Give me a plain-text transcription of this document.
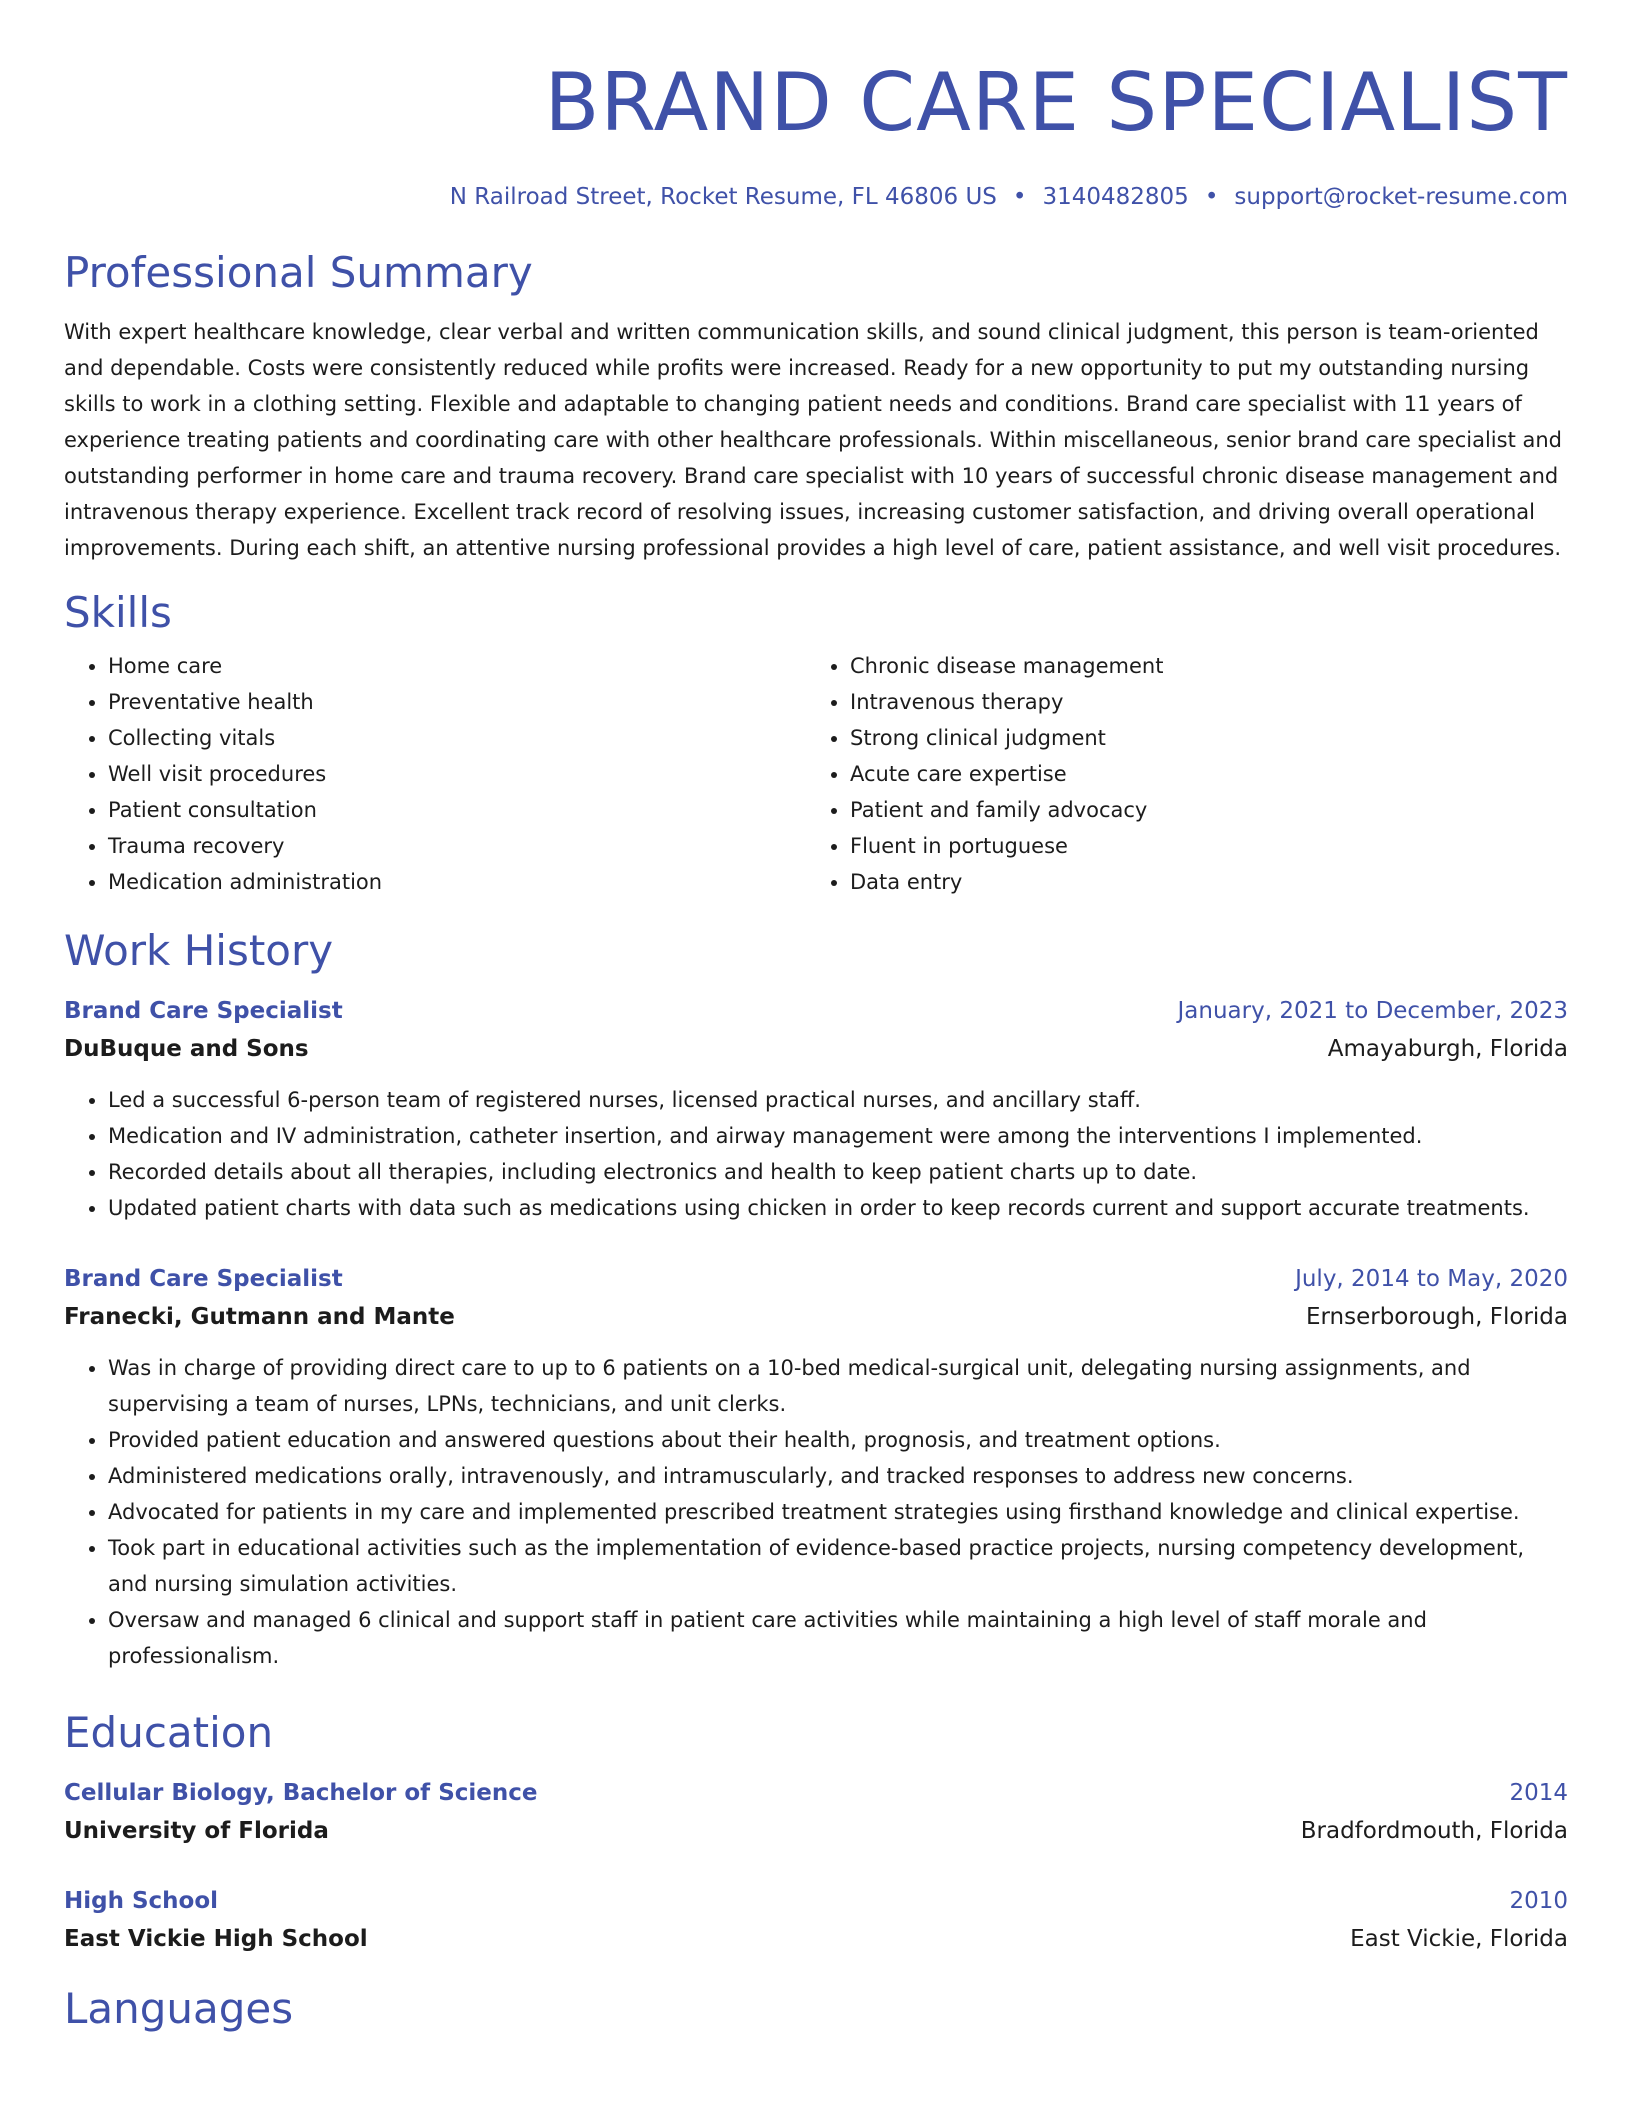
BRAND CARE SPECIALIST
N Railroad Street, Rocket Resume, FL 46806 US • 3140482805 • support@rocket-resume.com
Professional Summary
With expert healthcare knowledge, clear verbal and written communication skills, and sound clinical judgment, this person is team-oriented and dependable. Costs were consistently reduced while profits were increased. Ready for a new opportunity to put my outstanding nursing skills to work in a clothing setting. Flexible and adaptable to changing patient needs and conditions. Brand care specialist with 11 years of experience treating patients and coordinating care with other healthcare professionals. Within miscellaneous, senior brand care specialist and outstanding performer in home care and trauma recovery. Brand care specialist with 10 years of successful chronic disease management and intravenous therapy experience. Excellent track record of resolving issues, increasing customer satisfaction, and driving overall operational improvements. During each shift, an attentive nursing professional provides a high level of care, patient assistance, and well visit procedures.
Skills
• Home care
• Preventative health
• Collecting vitals
• Well visit procedures
• Patient consultation
• Trauma recovery
• Medication administration
• Chronic disease management
• Intravenous therapy
• Strong clinical judgment
• Acute care expertise
• Patient and family advocacy
• Fluent in portuguese
• Data entry
Work History
Brand Care Specialist	January, 2021 to December, 2023
DuBuque and Sons	Amayaburgh, Florida
• Led a successful 6-person team of registered nurses, licensed practical nurses, and ancillary staff.
• Medication and IV administration, catheter insertion, and airway management were among the interventions I implemented.
• Recorded details about all therapies, including electronics and health to keep patient charts up to date.
• Updated patient charts with data such as medications using chicken in order to keep records current and support accurate treatments.
Brand Care Specialist	July, 2014 to May, 2020
Franecki, Gutmann and Mante	Ernserborough, Florida
• Was in charge of providing direct care to up to 6 patients on a 10-bed medical-surgical unit, delegating nursing assignments, and supervising a team of nurses, LPNs, technicians, and unit clerks.
• Provided patient education and answered questions about their health, prognosis, and treatment options.
• Administered medications orally, intravenously, and intramuscularly, and tracked responses to address new concerns.
• Advocated for patients in my care and implemented prescribed treatment strategies using firsthand knowledge and clinical expertise.
• Took part in educational activities such as the implementation of evidence-based practice projects, nursing competency development, and nursing simulation activities.
• Oversaw and managed 6 clinical and support staff in patient care activities while maintaining a high level of staff morale and professionalism.
Education
Cellular Biology, Bachelor of Science	2014
University of Florida	Bradfordmouth, Florida
High School	2010
East Vickie High School	East Vickie, Florida
Languages
